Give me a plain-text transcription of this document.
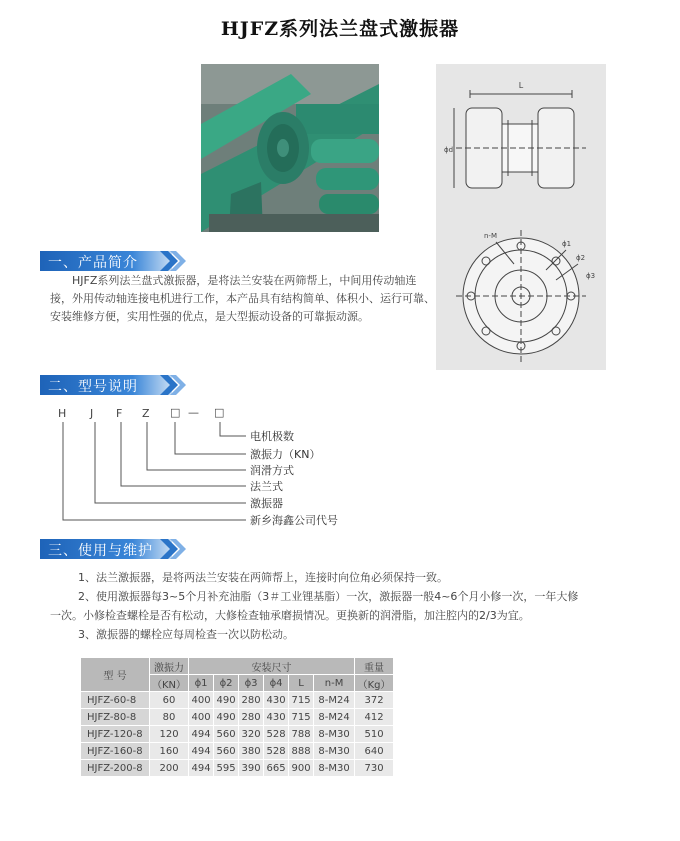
HJFZ系列法兰盘式激振器
L
ϕd
n-M
ϕ1
ϕ2
ϕ3
一、产品简介
HJFZ系列法兰盘式激振器，是将法兰安装在两筛帮上，中间用传动轴连接，外用传动轴连接电机进行工作，本产品具有结构简单、体积小、运行可靠、安装维修方便，实用性强的优点，是大型振动设备的可靠振动源。
二、型号说明
H J F Z □ — □
电机极数
激振力（KN）
润滑方式
法兰式
激振器
新乡海鑫公司代号
三、使用与维护
1、法兰激振器，是将两法兰安装在两筛帮上，连接时向位角必须保持一致。
2、使用激振器每3~5个月补充油脂（3＃工业锂基脂）一次，激振器一般4~6个月小修一次，一年大修
一次。小修检查螺栓是否有松动，大修检查轴承磨损情况。更换新的润滑脂，加注腔内的2/3为宜。
3、激振器的螺栓应每周检查一次以防松动。
型 号	激振力	安装尺寸						重量
	（KN）	ϕ1	ϕ2	ϕ3	ϕ4	L	n-M	（Kg）
HJFZ-60-8	60	400	490	280	430	715	8-M24	372
HJFZ-80-8	80	400	490	280	430	715	8-M24	412
HJFZ-120-8	120	494	560	320	528	788	8-M30	510
HJFZ-160-8	160	494	560	380	528	888	8-M30	640
HJFZ-200-8	200	494	595	390	665	900	8-M30	730
